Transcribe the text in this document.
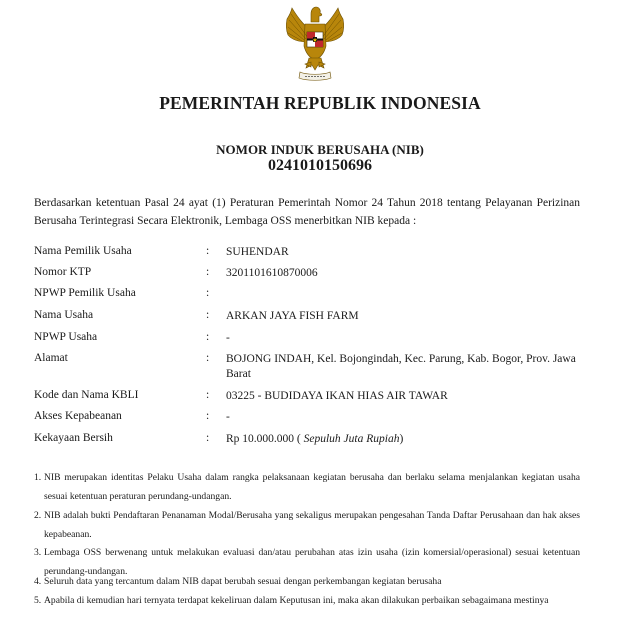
PEMERINTAH REPUBLIK INDONESIA
NOMOR INDUK BERUSAHA (NIB)
0241010150696
Berdasarkan ketentuan Pasal 24 ayat (1) Peraturan Pemerintah Nomor 24 Tahun 2018 tentang Pelayanan Perizinan Berusaha Terintegrasi Secara Elektronik, Lembaga OSS menerbitkan NIB kepada :
Nama Pemilik Usaha	: SUHENDAR
Nomor KTP	: 3201101610870006
NPWP Pemilik Usaha	:
Nama Usaha	: ARKAN JAYA FISH FARM
NPWP Usaha	: -
Alamat	: BOJONG INDAH, Kel. Bojongindah, Kec. Parung, Kab. Bogor, Prov. Jawa Barat
Kode dan Nama KBLI	: 03225 - BUDIDAYA IKAN HIAS AIR TAWAR
Akses Kepabeanan	: -
Kekayaan Bersih	: Rp 10.000.000 ( Sepuluh Juta Rupiah)
1. NIB merupakan identitas Pelaku Usaha dalam rangka pelaksanaan kegiatan berusaha dan berlaku selama menjalankan kegiatan usaha sesuai ketentuan peraturan perundang-undangan.
2. NIB adalah bukti Pendaftaran Penanaman Modal/Berusaha yang sekaligus merupakan pengesahan Tanda Daftar Perusahaan dan hak akses kepabeanan.
3. Lembaga OSS berwenang untuk melakukan evaluasi dan/atau perubahan atas izin usaha (izin komersial/operasional) sesuai ketentuan perundang-undangan.
4. Seluruh data yang tercantum dalam NIB dapat berubah sesuai dengan perkembangan kegiatan berusaha
5. Apabila di kemudian hari ternyata terdapat kekeliruan dalam Keputusan ini, maka akan dilakukan perbaikan sebagaimana mestinya
